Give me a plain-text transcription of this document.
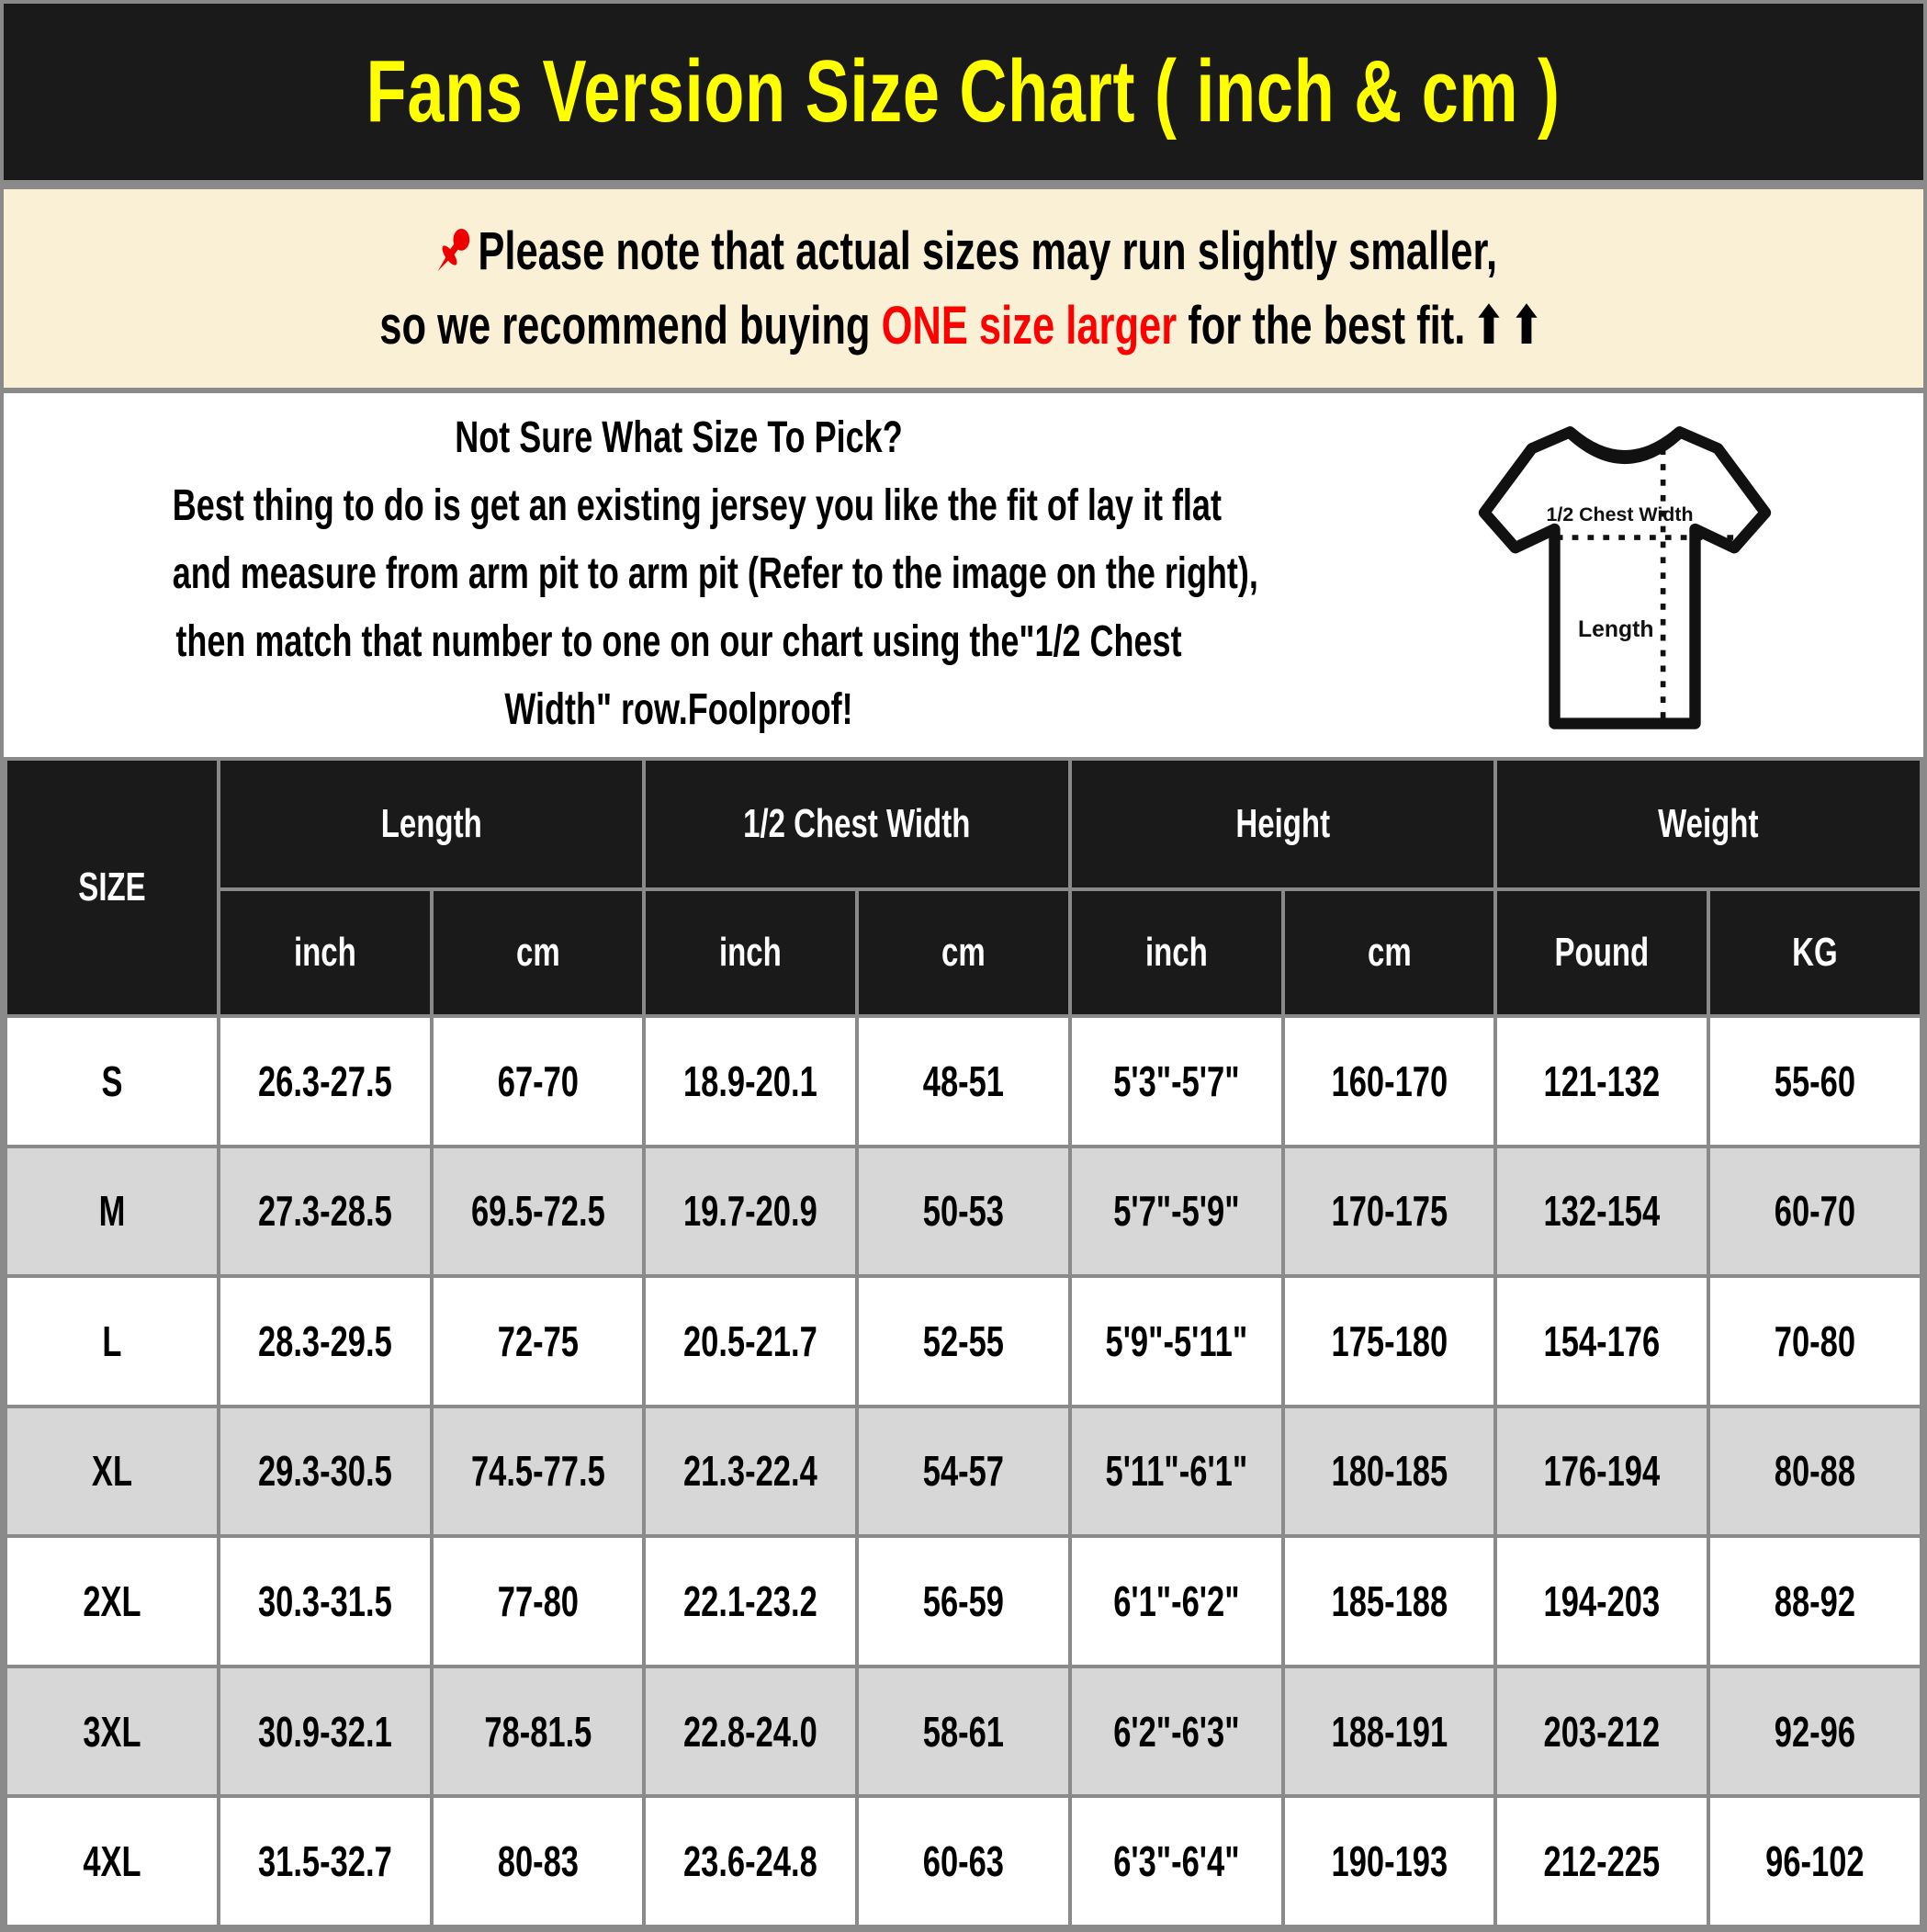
Fans Version Size Chart ( inch & cm )
Please note that actual sizes may run slightly smaller,
so we recommend buying ONE size larger for the best fit. ⬆⬆
Not Sure What Size To Pick?
Best thing to do is get an existing jersey you like the fit of lay it flat
and measure from arm pit to arm pit (Refer to the image on the right),
then match that number to one on our chart using the"1/2 Chest
Width" row.Foolproof!
1/2 Chest Width
Length
SIZE	Length		1/2 Chest Width		Height		Weight	

	inch	cm	inch	cm	inch	cm	Pound	KG

S	26.3-27.5	67-70	18.9-20.1	48-51	5'3"-5'7"	160-170	121-132	55-60

M	27.3-28.5	69.5-72.5	19.7-20.9	50-53	5'7"-5'9"	170-175	132-154	60-70

L	28.3-29.5	72-75	20.5-21.7	52-55	5'9"-5'11"	175-180	154-176	70-80

XL	29.3-30.5	74.5-77.5	21.3-22.4	54-57	5'11"-6'1"	180-185	176-194	80-88

2XL	30.3-31.5	77-80	22.1-23.2	56-59	6'1"-6'2"	185-188	194-203	88-92

3XL	30.9-32.1	78-81.5	22.8-24.0	58-61	6'2"-6'3"	188-191	203-212	92-96

4XL	31.5-32.7	80-83	23.6-24.8	60-63	6'3"-6'4"	190-193	212-225	96-102
